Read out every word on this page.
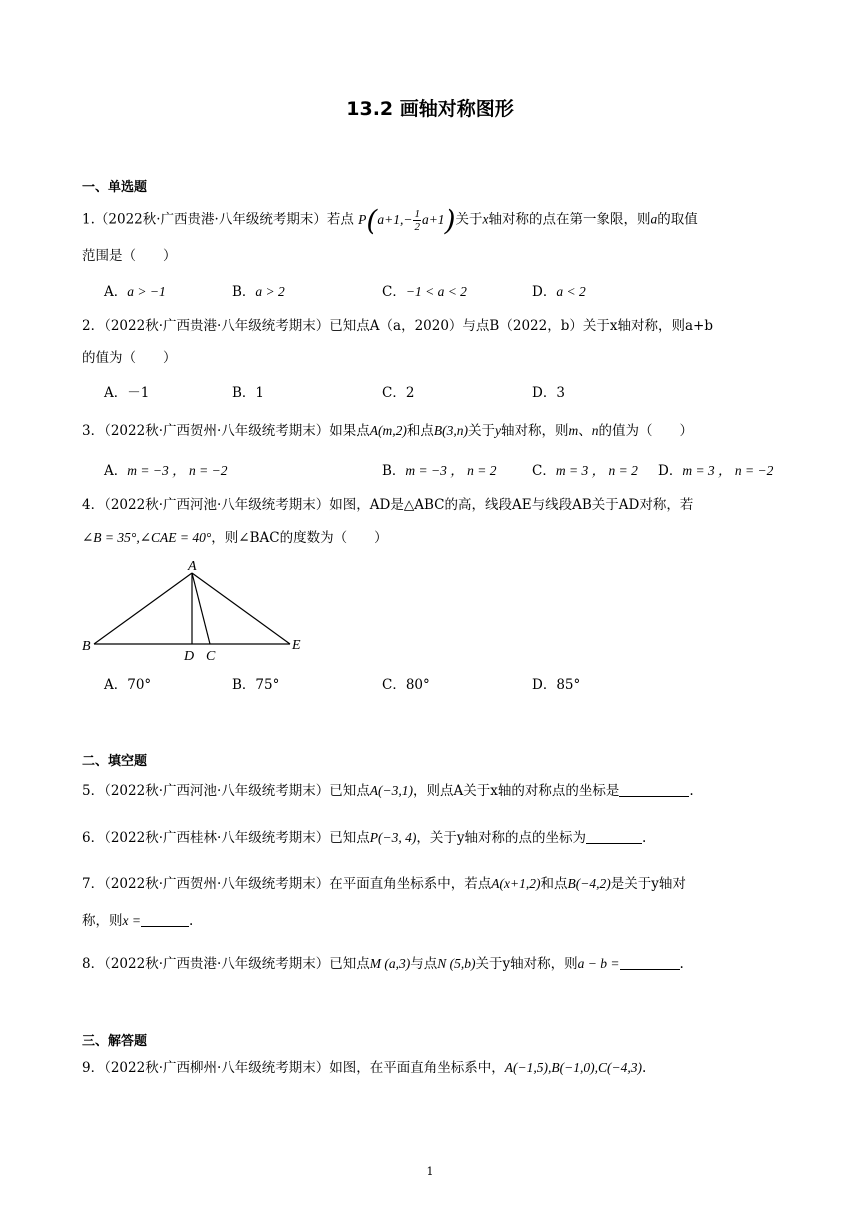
13.2 画轴对称图形
一、单选题
1.（2022秋·广西贵港·八年级统考期末）若点 $P(a+1,- \frac{1}{2} a+1)$关于x轴对称的点在第一象限，则a的取值
范围是（　　）
A．a > −1	B．a > 2	C．−1 < a < 2	D．a < 2
2．（2022秋·广西贵港·八年级统考期末）已知点A（a，2020）与点B（2022，b）关于x轴对称，则a+b
的值为（　　）
A．－1	B．1	C．2	D．3
3．（2022秋·广西贺州·八年级统考期末）如果点A(m,2)和点B(3,n)关于y轴对称，则m、n的值为（　　）
A．m = −3 ， n = −2	B．m = −3 ， n = 2	C．m = 3 ， n = 2 D．m = 3 ， n = −2
4．（2022秋·广西河池·八年级统考期末）如图，AD是△ABC的高，线段AE与线段AB关于AD对称，若
∠B = 35°,∠CAE = 40°，则∠BAC的度数为（　　）
A
B
D C
E
A．70°	B．75°	C．80°	D．85°
二、填空题
5．（2022秋·广西河池·八年级统考期末）已知点A(−3,1)，则点A关于x轴的对称点的坐标是	.
6．（2022秋·广西桂林·八年级统考期末）已知点P(−3, 4)，关于y轴对称的点的坐标为	.
7．（2022秋·广西贺州·八年级统考期末）在平面直角坐标系中，若点A(x+1,2)和点B(−4,2)是关于y轴对
称，则x =	.
8．（2022秋·广西贵港·八年级统考期末）已知点M (a,3)与点N (5,b)关于y轴对称，则a − b =	.
三、解答题
9．（2022秋·广西柳州·八年级统考期末）如图，在平面直角坐标系中，A(−1,5),B(−1,0),C(−4,3).
1
